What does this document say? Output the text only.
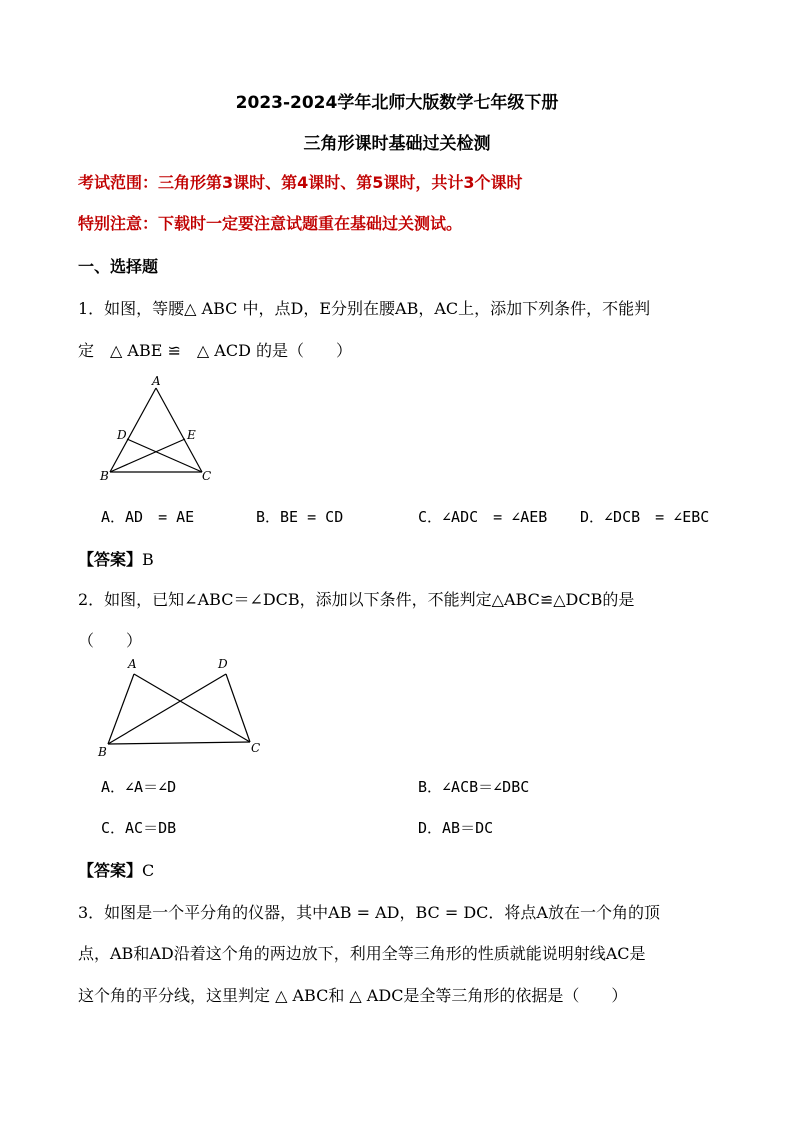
2023-2024学年北师大版数学七年级下册
三角形课时基础过关检测
考试范围：三角形第3课时、第4课时、第5课时，共计3个课时
特别注意：下载时一定要注意试题重在基础过关测试。
一、选择题
1．如图，等腰△ ABC 中，点D，E分别在腰AB，AC上，添加下列条件，不能判
定　△ ABE ≌　△ ACD 的是（　　）
A
D	E
B	C
A．AD　= AE	B．BE = CD	C．∠ADC　= ∠AEB D．∠DCB　= ∠EBC
【答案】B
2．如图，已知∠ABC＝∠DCB，添加以下条件，不能判定△ABC≌△DCB的是
（　　）
A	D
B	C
A．∠A＝∠D	B．∠ACB＝∠DBC
C．AC＝DB	D．AB＝DC
【答案】C
3．如图是一个平分角的仪器，其中AB = AD，BC = DC．将点A放在一个角的顶
点，AB和AD沿着这个角的两边放下，利用全等三角形的性质就能说明射线AC是
这个角的平分线，这里判定 △ ABC和 △ ADC是全等三角形的依据是（　　）
